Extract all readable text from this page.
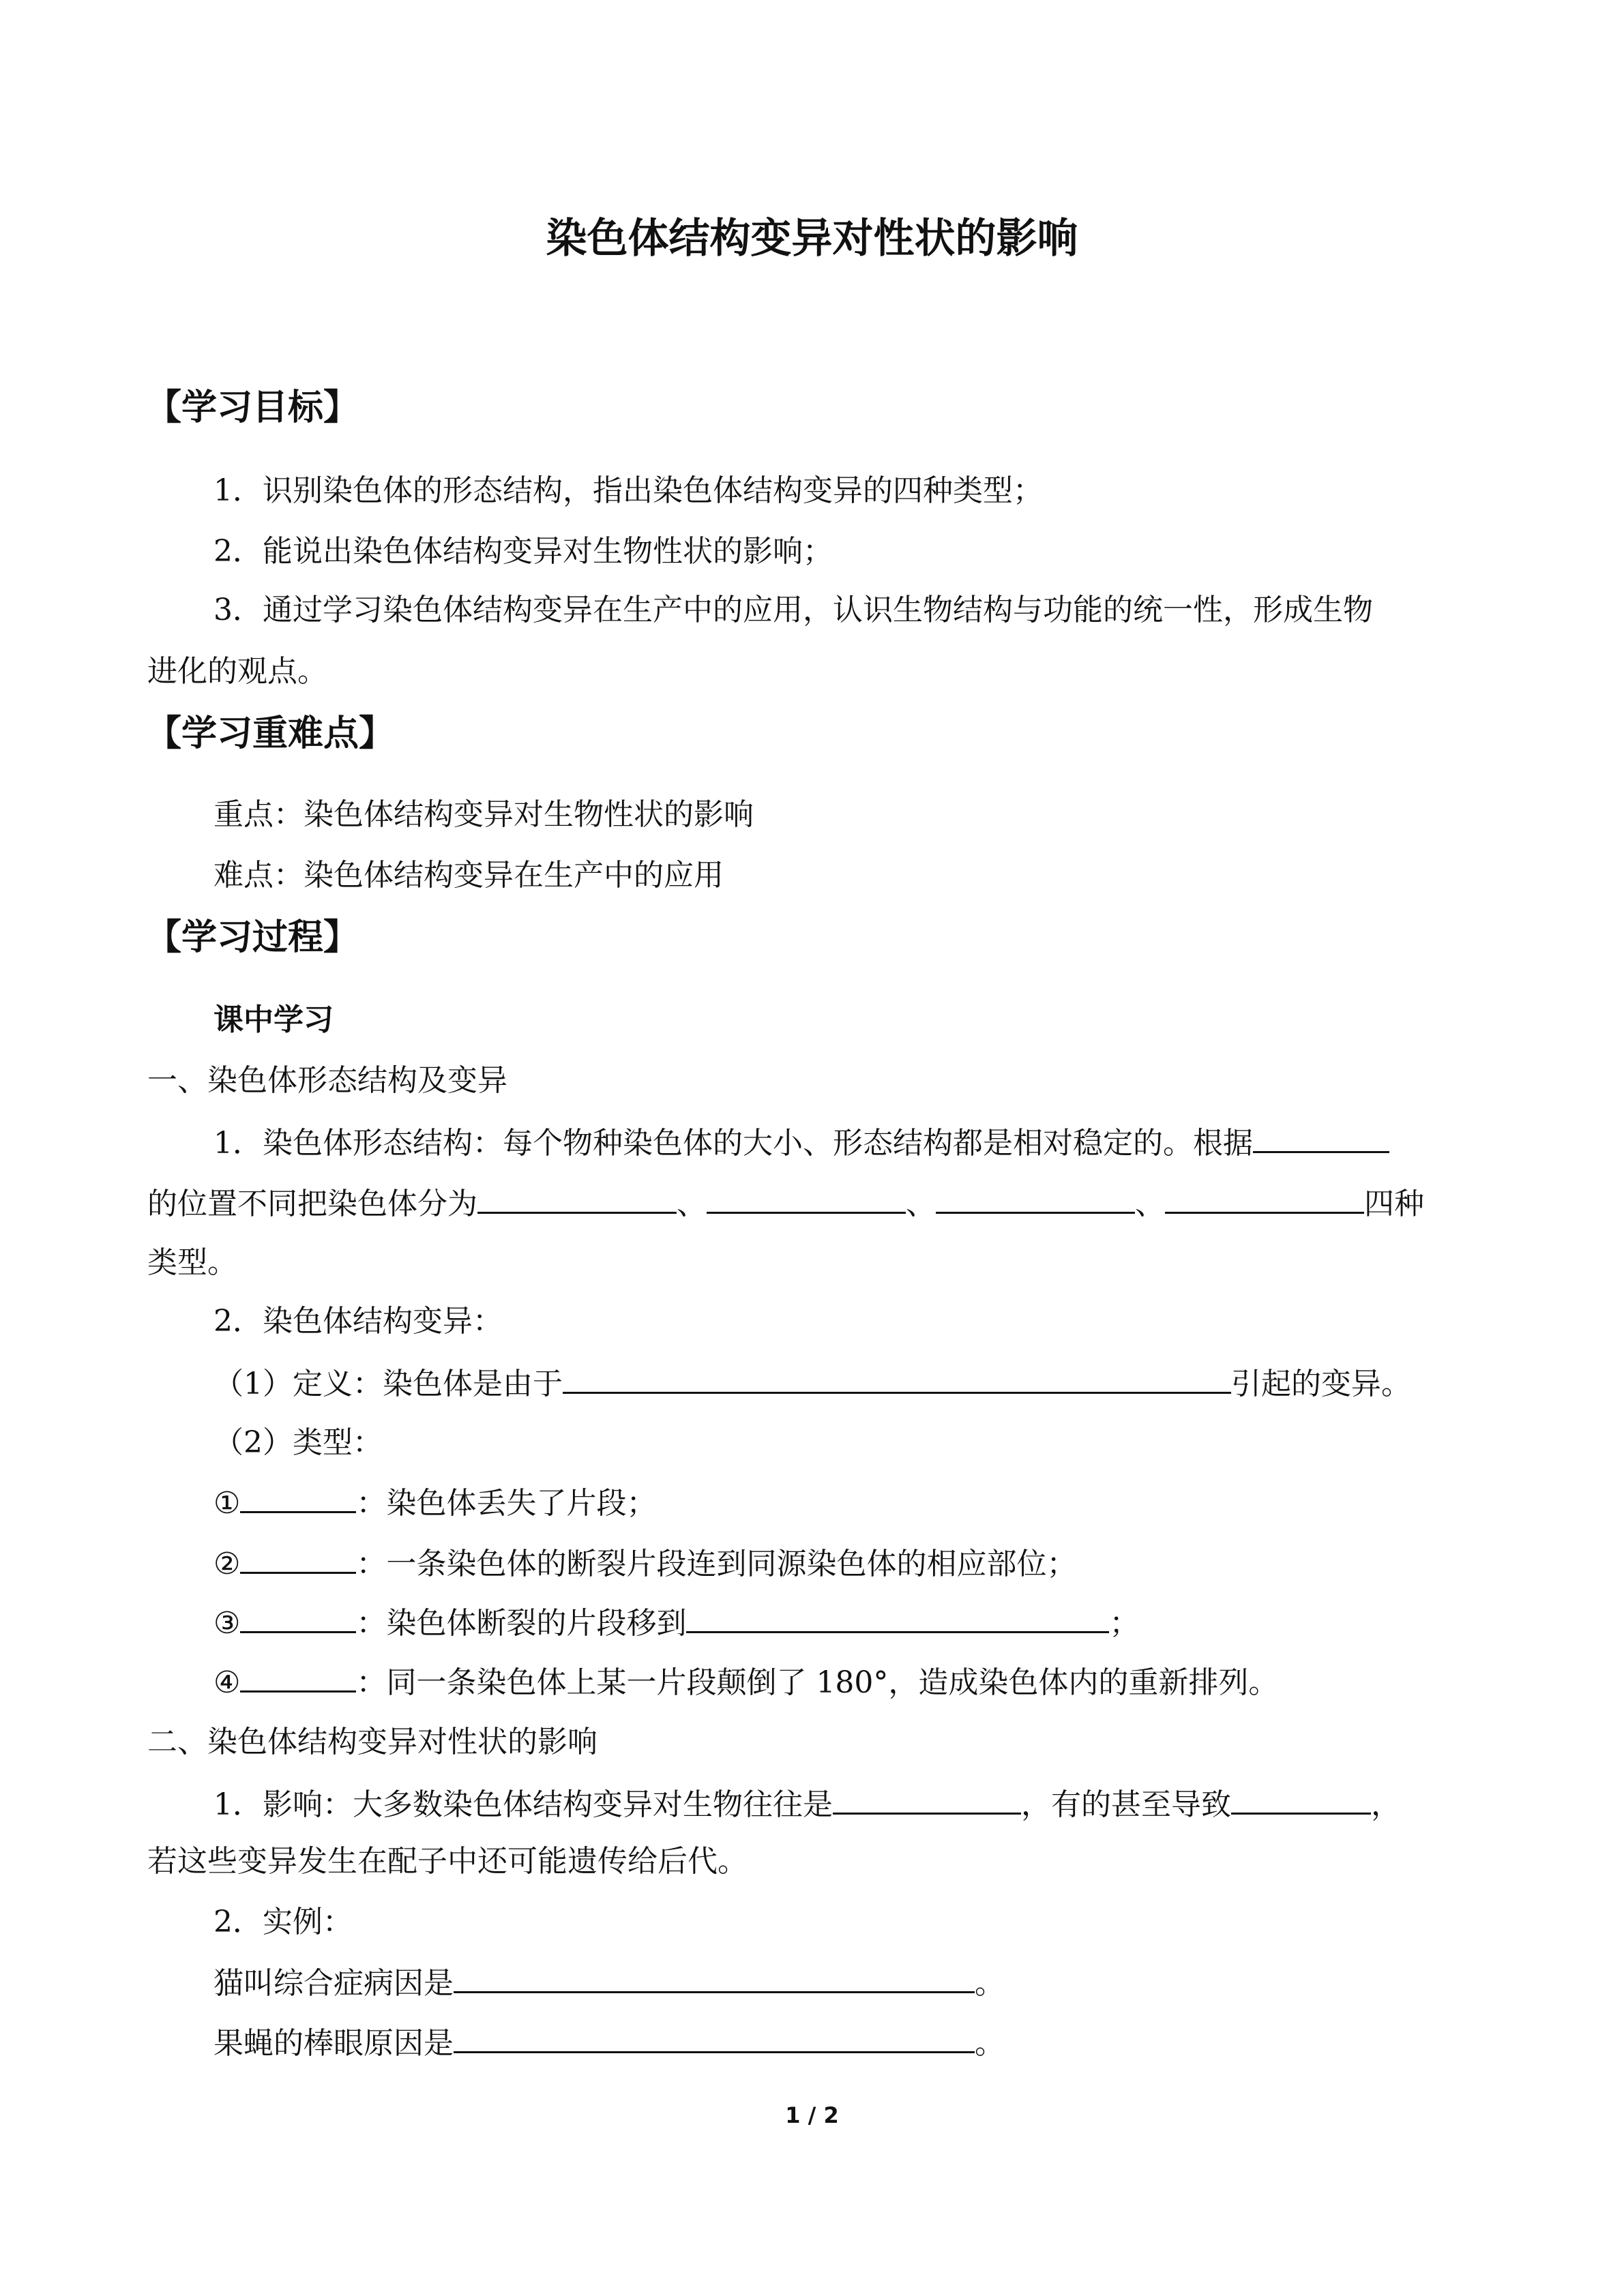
染色体结构变异对性状的影响
【学习目标】
1．识别染色体的形态结构，指出染色体结构变异的四种类型；
2．能说出染色体结构变异对生物性状的影响；
3．通过学习染色体结构变异在生产中的应用，认识生物结构与功能的统一性，形成生物
进化的观点。
【学习重难点】
重点：染色体结构变异对生物性状的影响
难点：染色体结构变异在生产中的应用
【学习过程】
课中学习
一、染色体形态结构及变异
1．染色体形态结构：每个物种染色体的大小、形态结构都是相对稳定的。根据
的位置不同把染色体分为	、	、	、	四种
类型。
2．染色体结构变异：
（1）定义：染色体是由于	引起的变异。
（2）类型：
①	：染色体丢失了片段；
②	：一条染色体的断裂片段连到同源染色体的相应部位；
③	：染色体断裂的片段移到	；
④	：同一条染色体上某一片段颠倒了 180°，造成染色体内的重新排列。
二、染色体结构变异对性状的影响
1．影响：大多数染色体结构变异对生物往往是	，有的甚至导致	，
若这些变异发生在配子中还可能遗传给后代。
2．实例：
猫叫综合症病因是	。
果蝇的棒眼原因是	。
1 / 2
